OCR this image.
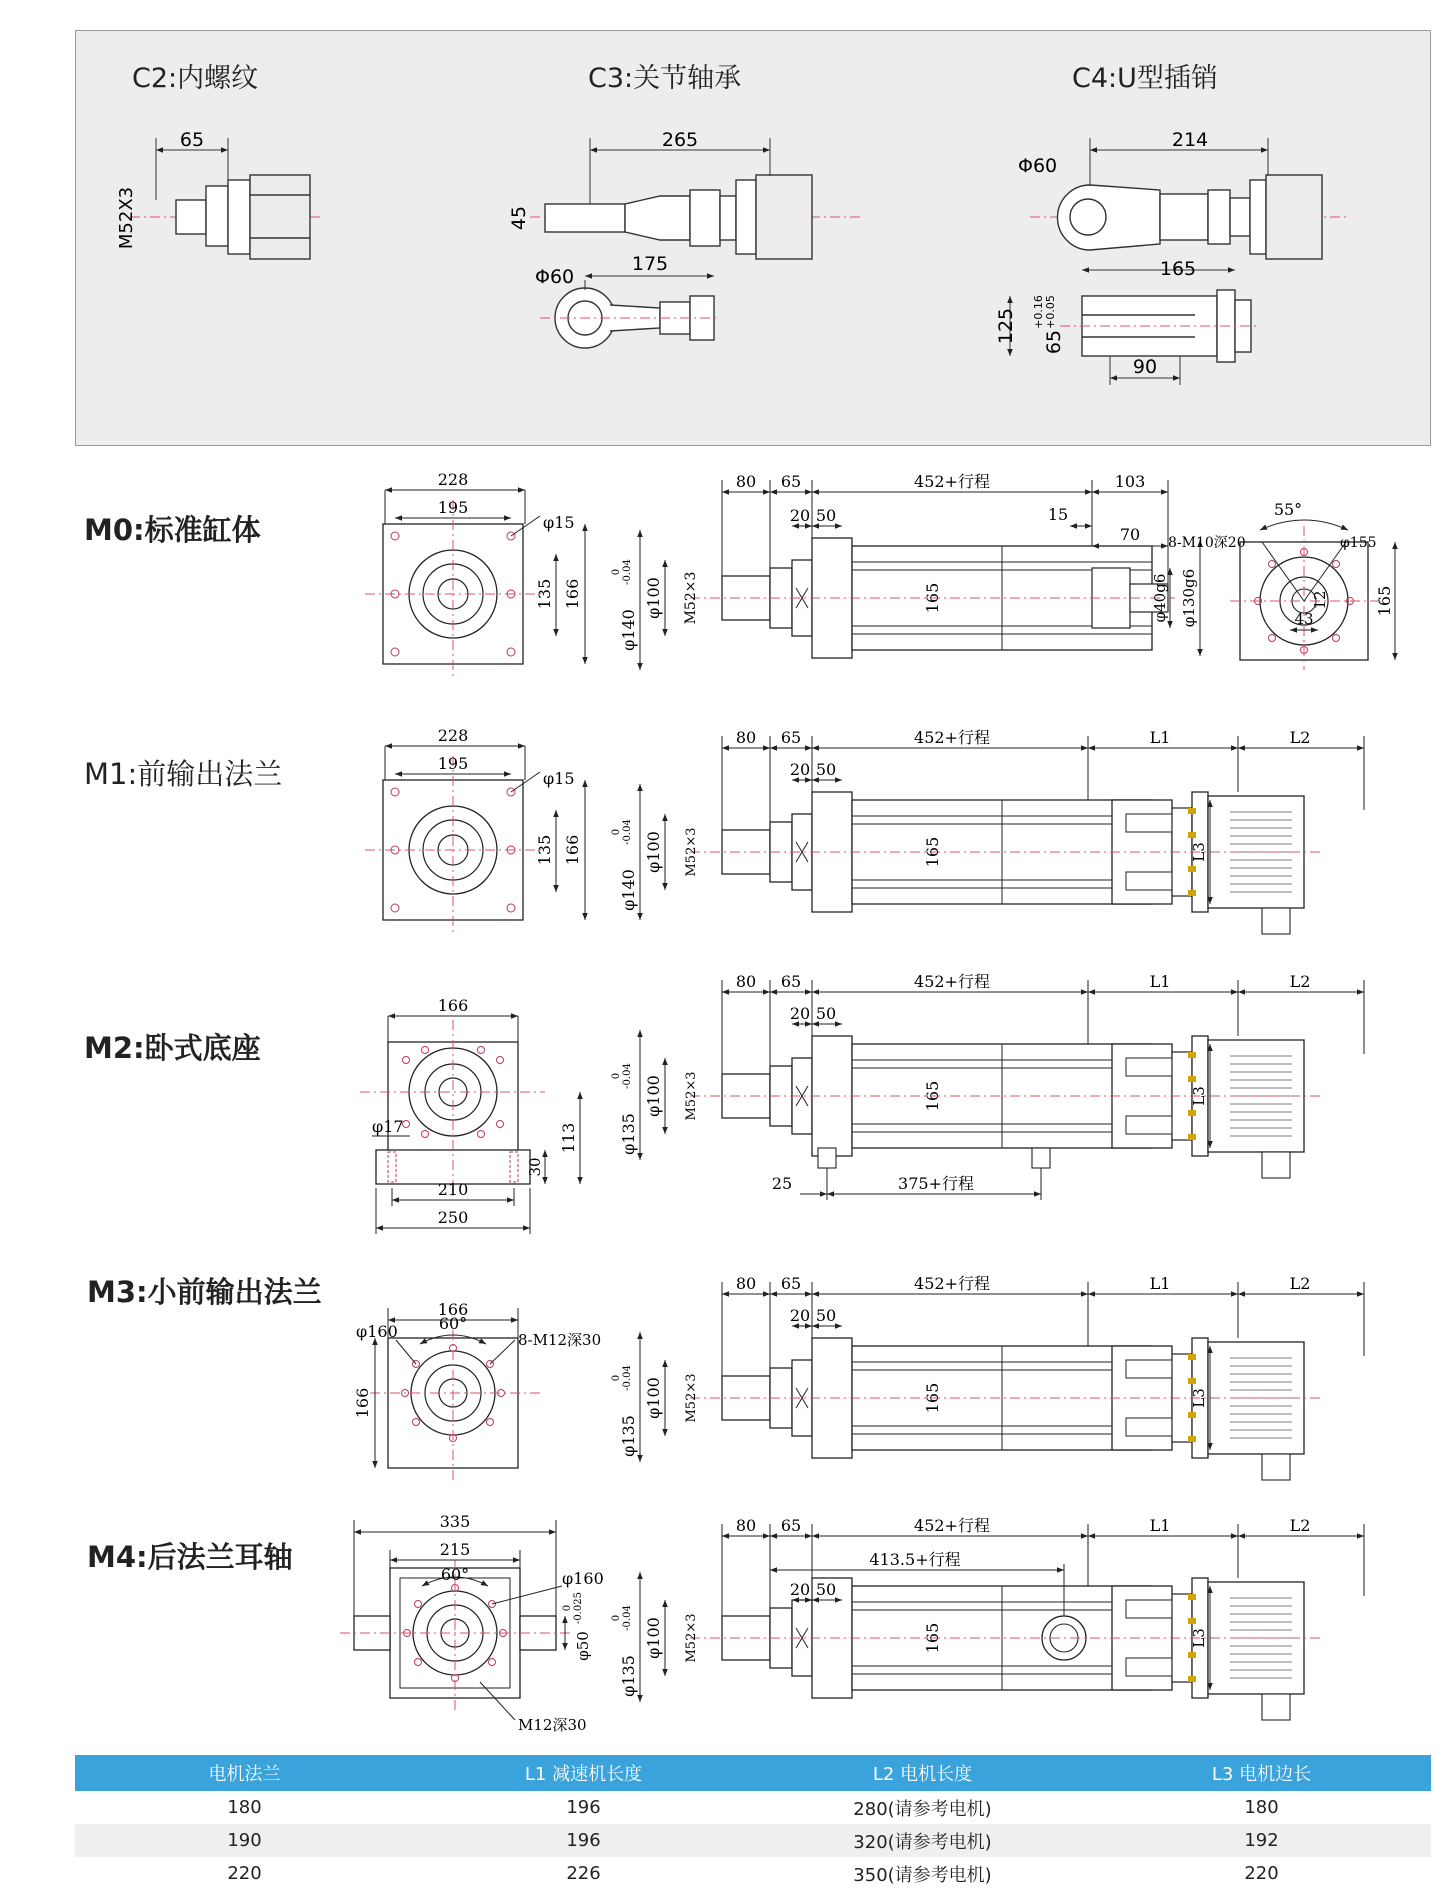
C2:内螺纹	C3:关节轴承	C4:U型插销
65
M52X3
265
45
Φ60
175
214
Φ60
165
125 65
+0.16 +0.05
90
M0:标准缸体
M1:前输出法兰
M2:卧式底座
M3:小前输出法兰
M4:后法兰耳轴
228
195
φ15
135 166
80 65	452+行程	103
20 50	15
70
φ140
0 -0.04
φ100 M52×3	165	φ40g6 φ130g6
55°
8-M10深20	φ155
12
43
165
228
195
φ15
135 166
80 65	452+行程	L1	L2
20 50
φ140
0 -0.04 φ100 M52×3	165	L3
166
φ17
30
113
210
250
80 65	452+行程	L1	L2
20 50
φ135
0 -0.04 φ100 M52×3	165	L3
25	375+行程
166
φ160	60°
8-M12深30
166
80 65	452+行程	L1	L2
20 50
φ135
0 -0.04 φ100 M52×3	165	L3
335
215
60°	φ160
φ50
0 -0.025
M12深30
80 65	452+行程	L1	L2
413.5+行程
20 50
φ135
0 -0.04 φ100 M52×3	165	L3
电机法兰	L1 减速机长度	L2 电机长度	L3 电机边长
180	196	280(请参考电机)	180
190	196	320(请参考电机)	192
220	226	350(请参考电机)	220
